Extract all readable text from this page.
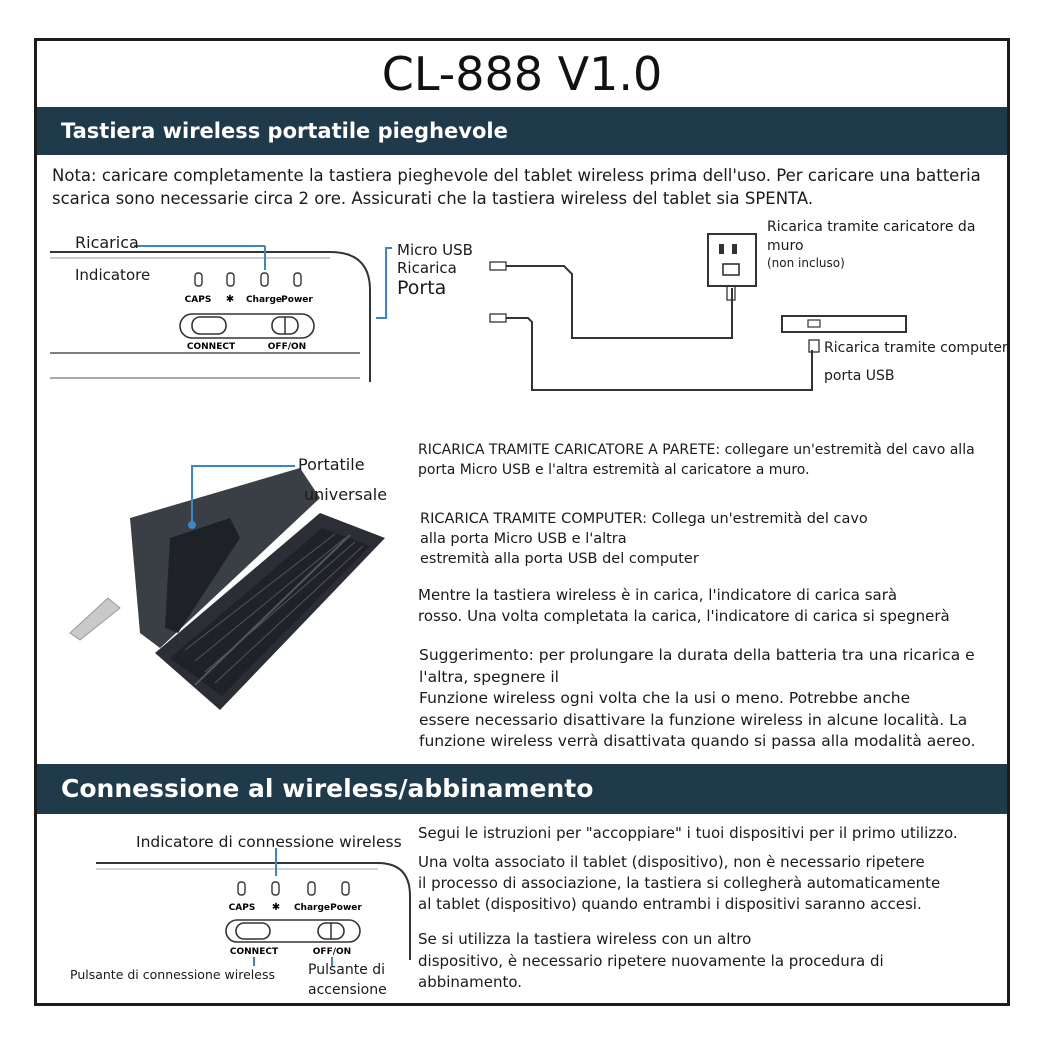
CL-888 V1.0
Tastiera wireless portatile pieghevole
Nota: caricare completamente la tastiera pieghevole del tablet wireless prima dell'uso. Per caricare una batteria
scarica sono necessarie circa 2 ore. Assicurati che la tastiera wireless del tablet sia SPENTA.
CAPS ✱ Charge Power
CONNECT	OFF/ON
Ricarica
Indicatore
Micro USB
Ricarica
Porta
Ricarica tramite caricatore da
muro
(non incluso)
Ricarica tramite computer
porta USB
Portatile
universale
RICARICA TRAMITE CARICATORE A PARETE: collegare un'estremità del cavo alla
porta Micro USB e l'altra estremità al caricatore a muro.
RICARICA TRAMITE COMPUTER: Collega un'estremità del cavo
alla porta Micro USB e l'altra
estremità alla porta USB del computer
Mentre la tastiera wireless è in carica, l'indicatore di carica sarà
rosso. Una volta completata la carica, l'indicatore di carica si spegnerà
Suggerimento: per prolungare la durata della batteria tra una ricarica e
l'altra, spegnere il
Funzione wireless ogni volta che la usi o meno. Potrebbe anche
essere necessario disattivare la funzione wireless in alcune località. La
funzione wireless verrà disattivata quando si passa alla modalità aereo.
Connessione al wireless/abbinamento
CAPS ✱ Charge Power
CONNECT	OFF/ON
Indicatore di connessione wireless
Pulsante di connessione wireless Pulsante di
accensione
Segui le istruzioni per "accoppiare" i tuoi dispositivi per il primo utilizzo.
Una volta associato il tablet (dispositivo), non è necessario ripetere
il processo di associazione, la tastiera si collegherà automaticamente
al tablet (dispositivo) quando entrambi i dispositivi saranno accesi.
Se si utilizza la tastiera wireless con un altro
dispositivo, è necessario ripetere nuovamente la procedura di
abbinamento.
